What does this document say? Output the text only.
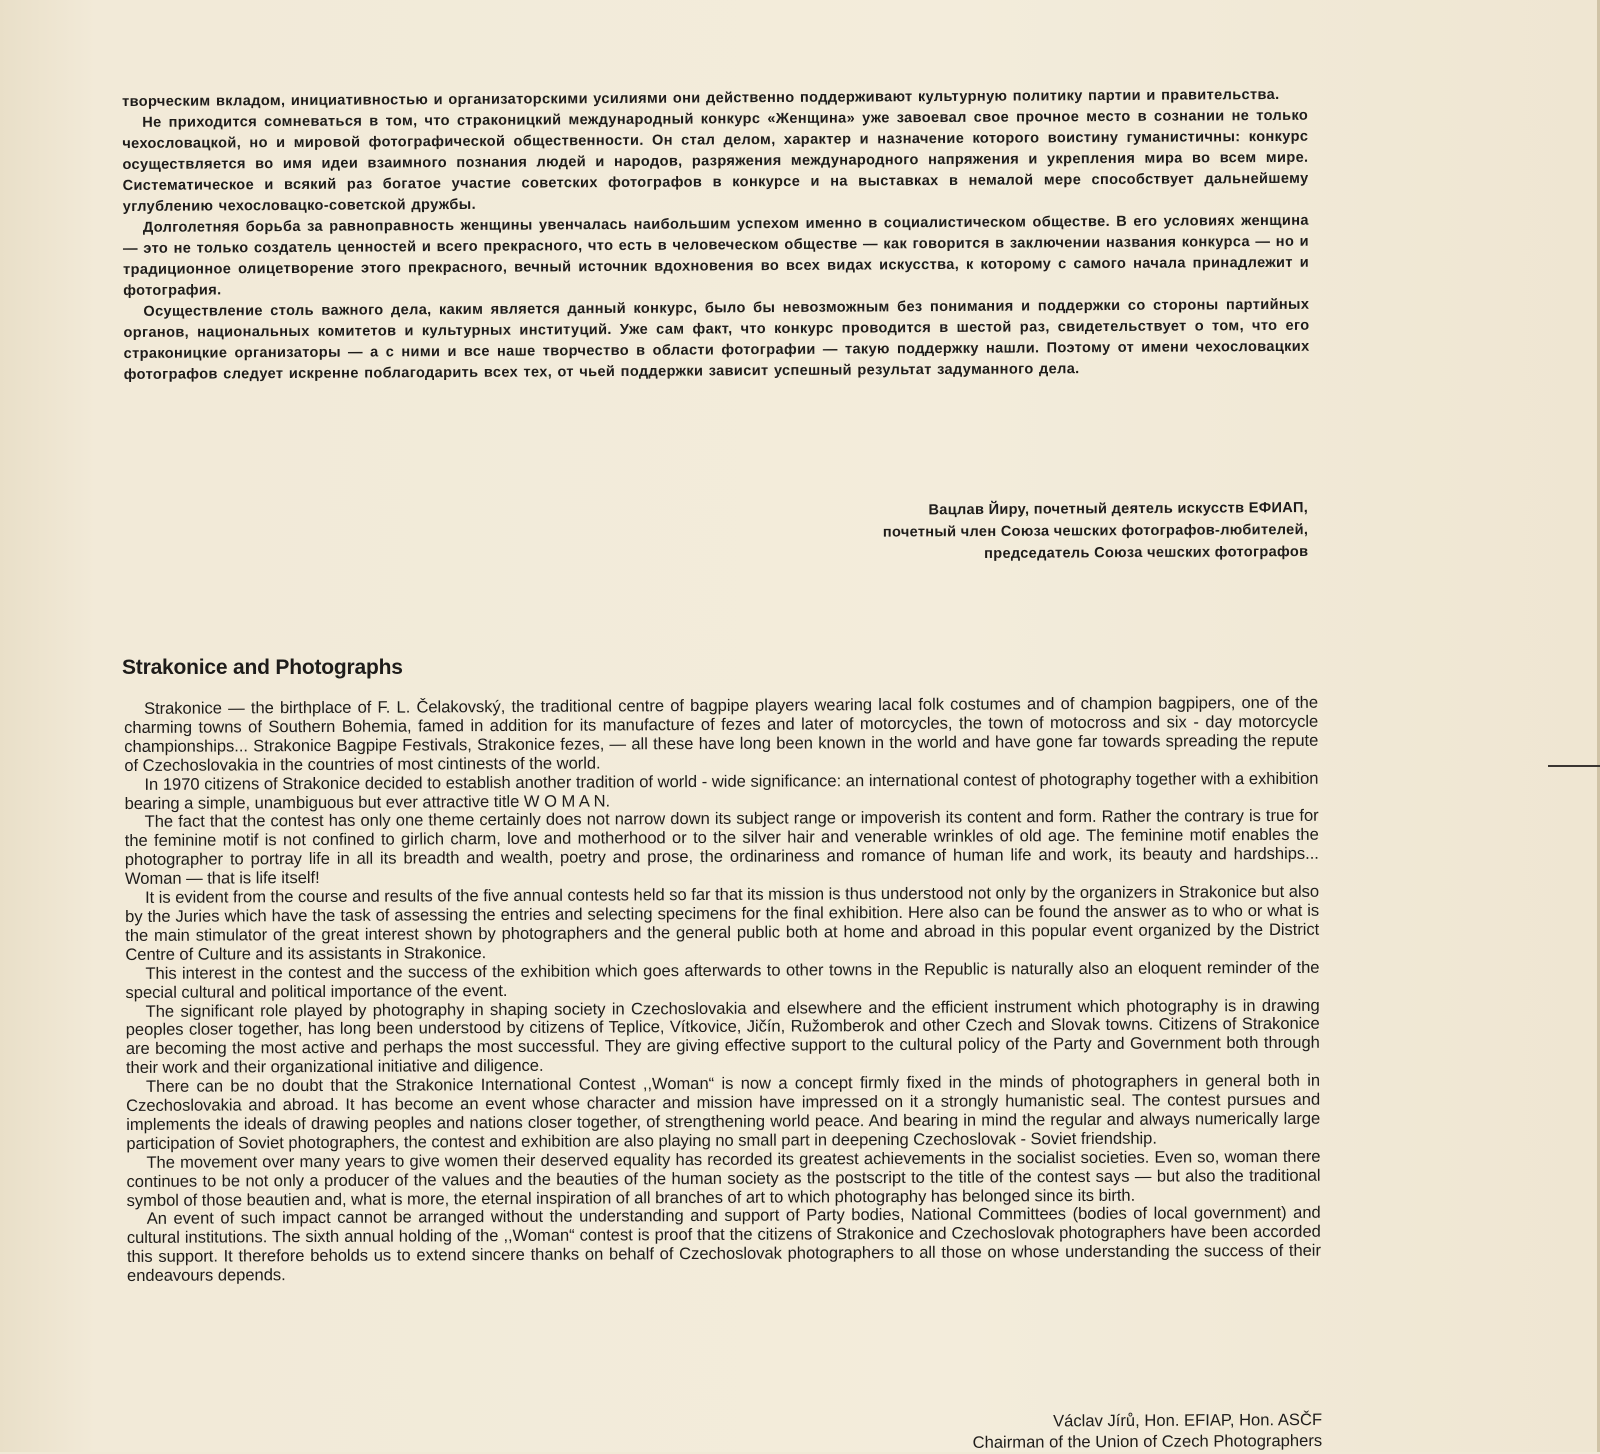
творческим вкладом, инициативностью и организаторскими усилиями они действенно поддерживают культурную политику партии и правительства.

Не приходится сомневаться в том, что страконицкий международный конкурс «Женщина» уже завоевал свое прочное место в сознании не только чехословацкой, но и мировой фотографической общественности. Он стал делом, характер и назначение которого воистину гуманистичны: конкурс осуществляется во имя идеи взаимного познания людей и народов, разряжения международного напряжения и укрепления мира во всем мире. Систематическое и всякий раз богатое участие советских фотографов в конкурсе и на выставках в немалой мере способствует дальнейшему углублению чехословацко-советской дружбы.

Долголетняя борьба за равноправность женщины увенчалась наибольшим успехом именно в социалистическом обществе. В его условиях женщина — это не только создатель ценностей и всего прекрасного, что есть в человеческом обществе — как говорится в заключении названия конкурса — но и традиционное олицетворение этого прекрасного, вечный источник вдохновения во всех видах искусства, к которому с самого начала принадлежит и фотография.

Осуществление столь важного дела, каким является данный конкурс, было бы невозможным без понимания и поддержки со стороны партийных органов, национальных комитетов и культурных институций. Уже сам факт, что конкурс проводится в шестой раз, свидетельствует о том, что его страконицкие организаторы — а с ними и все наше творчество в области фотографии — такую поддержку нашли. Поэтому от имени чехословацких фотографов следует искренне поблагодарить всех тех, от чьей поддержки зависит успешный результат задуманного дела.

Вацлав Йиру, почетный деятель искусств ЕФИАП,
почетный член Союза чешских фотографов-любителей,
председатель Союза чешских фотографов
Strakonice and Photographs

Strakonice — the birthplace of F. L. Čelakovský, the traditional centre of bagpipe players wearing lacal folk costumes and of champion bagpipers, one of the charming towns of Southern Bohemia, famed in addition for its manufacture of fezes and later of motorcycles, the town of motocross and six - day motorcycle championships... Strakonice Bagpipe Festivals, Strakonice fezes, — all these have long been known in the world and have gone far towards spreading the repute of Czechoslovakia in the countries of most cintinests of the world.

In 1970 citizens of Strakonice decided to establish another tradition of world - wide significance: an international contest of photography together with a exhibition bearing a simple, unambiguous but ever attractive title W O M A N.

The fact that the contest has only one theme certainly does not narrow down its subject range or impoverish its content and form. Rather the contrary is true for the feminine motif is not confined to girlich charm, love and motherhood or to the silver hair and venerable wrinkles of old age. The feminine motif enables the photographer to portray life in all its breadth and wealth, poetry and prose, the ordinariness and romance of human life and work, its beauty and hardships... Woman — that is life itself!

It is evident from the course and results of the five annual contests held so far that its mission is thus understood not only by the organizers in Strakonice but also by the Juries which have the task of assessing the entries and selecting specimens for the final exhibition. Here also can be found the answer as to who or what is the main stimulator of the great interest shown by photographers and the general public both at home and abroad in this popular event organized by the District Centre of Culture and its assistants in Strakonice.

This interest in the contest and the success of the exhibition which goes afterwards to other towns in the Republic is naturally also an eloquent reminder of the special cultural and political importance of the event.

The significant role played by photography in shaping society in Czechoslovakia and elsewhere and the efficient instrument which photography is in drawing peoples closer together, has long been understood by citizens of Teplice, Vítkovice, Jičín, Ružomberok and other Czech and Slovak towns. Citizens of Strakonice are becoming the most active and perhaps the most successful. They are giving effective support to the cultural policy of the Party and Government both through their work and their organizational initiative and diligence.

There can be no doubt that the Strakonice International Contest ,,Woman“ is now a concept firmly fixed in the minds of photographers in general both in Czechoslovakia and abroad. It has become an event whose character and mission have impressed on it a strongly humanistic seal. The contest pursues and implements the ideals of drawing peoples and nations closer together, of strengthening world peace. And bearing in mind the regular and always numerically large participation of Soviet photographers, the contest and exhibition are also playing no small part in deepening Czechoslovak - Soviet friendship.

The movement over many years to give women their deserved equality has recorded its greatest achievements in the socialist societies. Even so, woman there continues to be not only a producer of the values and the beauties of the human society as the postscript to the title of the contest says — but also the traditional symbol of those beautien and, what is more, the eternal inspiration of all branches of art to which photography has belonged since its birth.

An event of such impact cannot be arranged without the understanding and support of Party bodies, National Committees (bodies of local government) and cultural institutions. The sixth annual holding of the ,,Woman“ contest is proof that the citizens of Strakonice and Czechoslovak photographers have been accorded this support. It therefore beholds us to extend sincere thanks on behalf of Czechoslovak photographers to all those on whose understanding the success of their endeavours depends.

Václav Jírů, Hon. EFIAP, Hon. ASČF
Chairman of the Union of Czech Photographers
